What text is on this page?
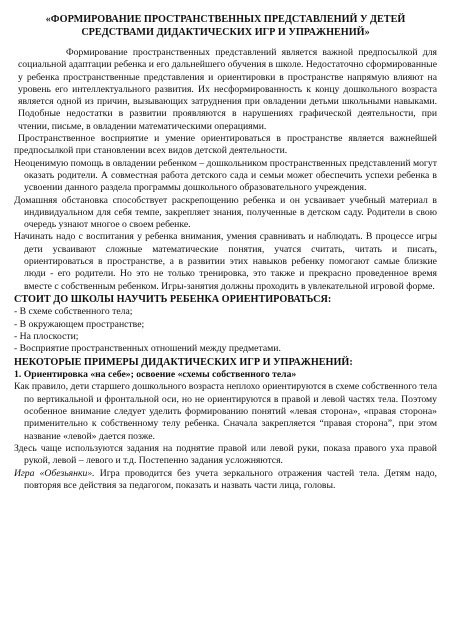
«ФОРМИРОВАНИЕ ПРОСТРАНСТВЕННЫХ ПРЕДСТАВЛЕНИЙ У ДЕТЕЙ СРЕДСТВАМИ ДИДАКТИЧЕСКИХ ИГР И УПРАЖНЕНИЙ»

Формирование пространственных представлений является важной предпосылкой для социальной адаптации ребенка и его дальнейшего обучения в школе. Недостаточно сформированные у ребенка пространственные представления и ориентировки в пространстве напрямую влияют на уровень его интеллектуального развития. Их несформированность к концу дошкольного возраста является одной из причин, вызывающих затруднения при овладении детьми школьными навыками. Подобные недостатки в развитии проявляются в нарушениях графической деятельности, при чтении, письме, в овладении математическими операциями.

Пространственное восприятие и умение ориентироваться в пространстве является важнейшей предпосылкой при становлении всех видов детской деятельности.

Неоценимую помощь в овладении ребенком – дошкольником пространственных представлений могут оказать родители. А совместная работа детского сада и семьи может обеспечить успехи ребенка в усвоении данного раздела программы дошкольного образовательного учреждения.

Домашняя обстановка способствует раскрепощению ребенка и он усваивает учебный материал в индивидуальном для себя темпе, закрепляет знания, полученные в детском саду. Родители в свою очередь узнают многое о своем ребенке.

Начинать надо с воспитания у ребенка внимания, умения сравнивать и наблюдать. В процессе игры дети усваивают сложные математические понятия, учатся считать, читать и писать, ориентироваться в пространстве, а в развитии этих навыков ребенку помогают самые близкие люди - его родители. Но это не только тренировка, это также и прекрасно проведенное время вместе с собственным ребенком. Игры-занятия должны проходить в увлекательной игровой форме.

СТОИТ ДО ШКОЛЫ НАУЧИТЬ РЕБЕНКА ОРИЕНТИРОВАТЬСЯ:
- В схеме собственного тела;
- В окружающем пространстве;
- На плоскости;
- Восприятие пространственных отношений между предметами.
НЕКОТОРЫЕ ПРИМЕРЫ ДИДАКТИЧЕСКИХ ИГР И УПРАЖНЕНИЙ:
1. Ориентировка «на себе»; освоение «схемы собственного тела»

Как правило, дети старшего дошкольного возраста неплохо ориентируются в схеме собственного тела по вертикальной и фронтальной оси, но не ориентируются в правой и левой частях тела. Поэтому особенное внимание следует уделить формированию понятий «левая сторона», «правая сторона» применительно к собственному телу ребенка. Сначала закрепляется “правая сторона”, при этом название «левой» дается позже.

Здесь чаще используются задания на поднятие правой или левой руки, показа правого уха правой рукой, левой – левого и т.д. Постепенно задания усложняются.

Игра «Обезьянки». Игра проводится без учета зеркального отражения частей тела. Детям надо, повторяя все действия за педагогом, показать и назвать части лица, головы.
